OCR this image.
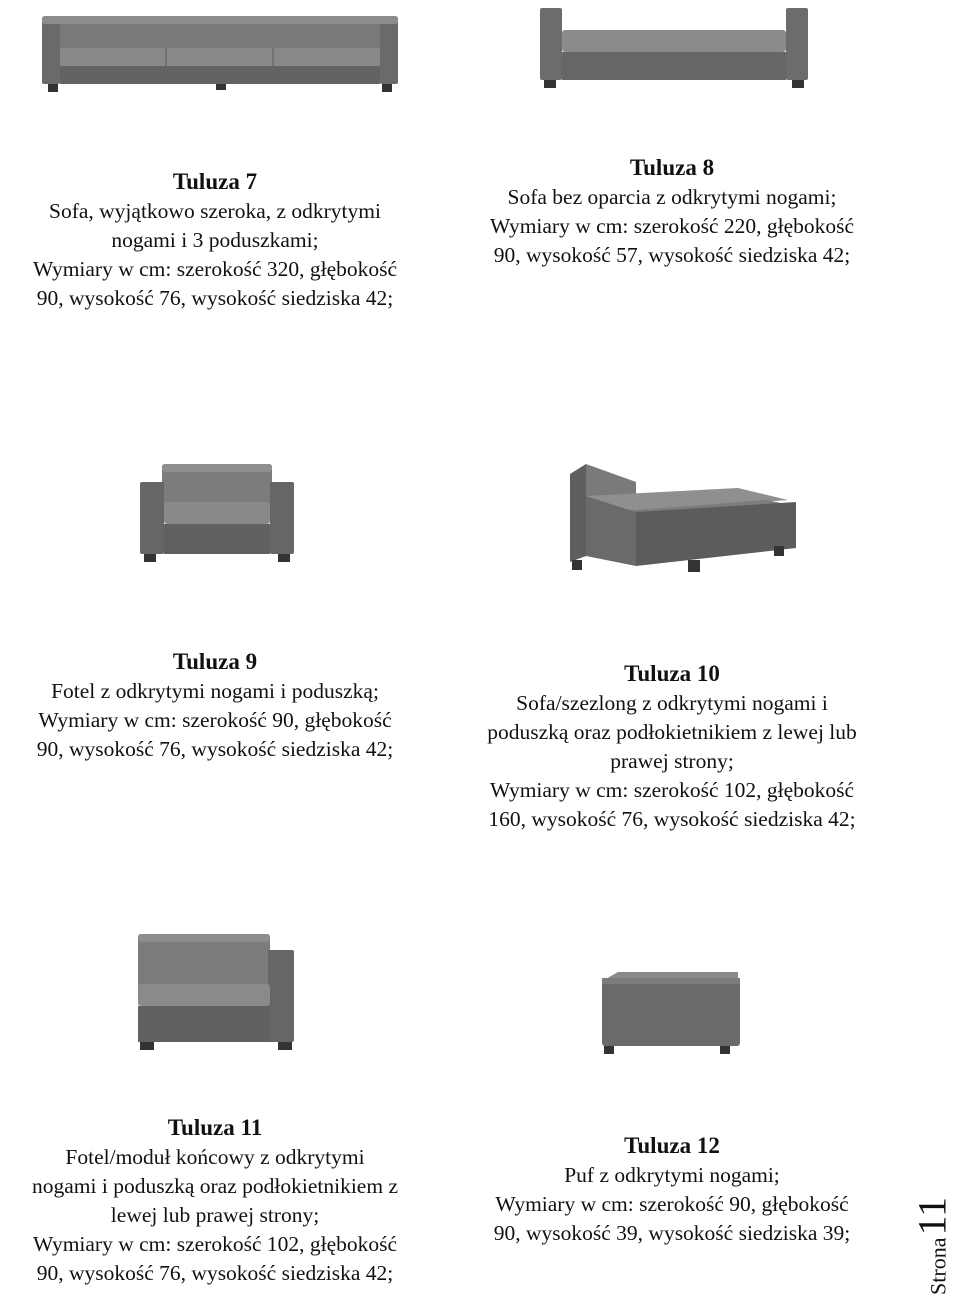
Tuluza 7
Sofa, wyjątkowo szeroka, z odkrytymi
nogami i 3 poduszkami;
Wymiary w cm: szerokość 320, głębokość
90, wysokość 76, wysokość siedziska 42;
Tuluza 8
Sofa bez oparcia z odkrytymi nogami;
Wymiary w cm: szerokość 220, głębokość
90, wysokość 57, wysokość siedziska 42;
Tuluza 9
Fotel z odkrytymi nogami i poduszką;
Wymiary w cm: szerokość 90, głębokość
90, wysokość 76, wysokość siedziska 42;
Tuluza 10
Sofa/szezlong z odkrytymi nogami i
poduszką oraz podłokietnikiem z lewej lub
prawej strony;
Wymiary w cm: szerokość 102, głębokość
160, wysokość 76, wysokość siedziska 42;
Tuluza 11
Fotel/moduł końcowy z odkrytymi
nogami i poduszką oraz podłokietnikiem z
lewej lub prawej strony;
Wymiary w cm: szerokość 102, głębokość
90, wysokość 76, wysokość siedziska 42;
Tuluza 12
Puf z odkrytymi nogami;
Wymiary w cm: szerokość 90, głębokość
90, wysokość 39, wysokość siedziska 39;
Strona
11
